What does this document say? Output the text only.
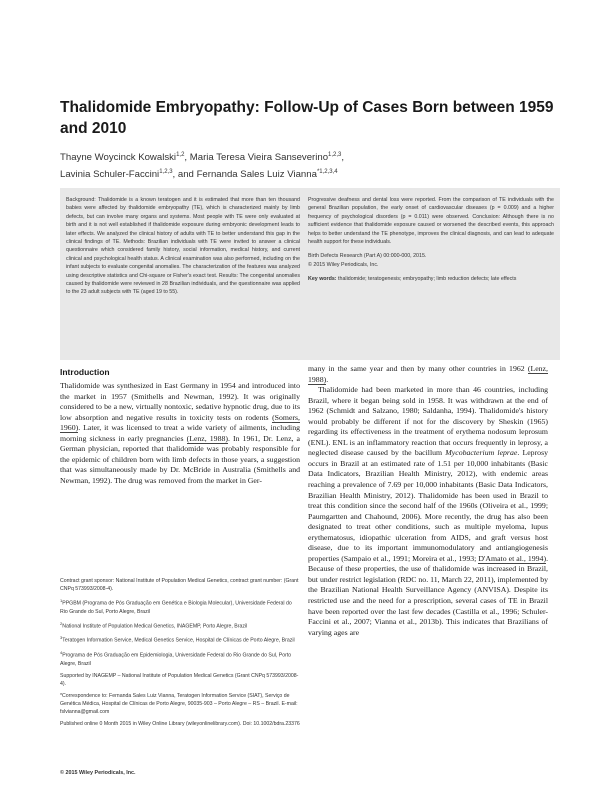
Thalidomide Embryopathy: Follow-Up of Cases Born between 1959 and 2010
Thayne Woycinck Kowalski$^{1,2}$, Maria Teresa Vieira Sanseverino$^{1,2,3}$,
Lavinia Schuler-Faccini$^{1,2,3}$, and Fernanda Sales Luiz Vianna$^{*1,2,3,4}$

Background: Thalidomide is a known teratogen and it is estimated that more than ten thousand babies were affected by thalidomide embryopathy (TE), which is characterized mainly by limb defects, but can involve many organs and systems. Most people with TE were only evaluated at birth and it is not well established if thalidomide exposure during embryonic development leads to later effects. We analyzed the clinical history of adults with TE to better understand this gap in the clinical findings of TE. Methods: Brazilian individuals with TE were invited to answer a clinical questionnaire which considered family history, social information, medical history, and current clinical and psychological health status. A clinical examination was also performed, including on the infant subjects to evaluate congenital anomalies. The characterization of the features was analyzed using descriptive statistics and Chi-square or Fisher's exact test. Results: The congenital anomalies caused by thalidomide were reviewed in 28 Brazilian individuals, and the questionnaire was applied to the 23 adult subjects with TE (aged 19 to 55).

Progressive deafness and dental loss were reported. From the comparison of TE individuals with the general Brazilian population, the early onset of cardiovascular diseases (p = 0.009) and a higher frequency of psychological disorders (p = 0.011) were observed. Conclusion: Although there is no sufficient evidence that thalidomide exposure caused or worsened the described events, this approach helps to better understand the TE phenotype, improves the clinical diagnosis, and can lead to adequate health support for these individuals.

Birth Defects Research (Part A) 00:000-000, 2015.

© 2015 Wiley Periodicals, Inc.

Key words: thalidomide; teratogenesis; embryopathy; limb reduction defects; late effects

Introduction

Thalidomide was synthesized in East Germany in 1954 and introduced into the market in 1957 (Smithells and Newman, 1992). It was originally considered to be a new, virtually nontoxic, sedative hypnotic drug, due to its low absorption and negative results in toxicity tests on rodents (Somers, 1960). Later, it was licensed to treat a wide variety of ailments, including morning sickness in early pregnancies (Lenz, 1988). In 1961, Dr. Lenz, a German physician, reported that thalidomide was probably responsible for the epidemic of children born with limb defects in those years, a suggestion that was simultaneously made by Dr. McBride in Australia (Smithells and Newman, 1992). The drug was removed from the market in Ger-

many in the same year and then by many other countries in 1962 (Lenz, 1988).

Thalidomide had been marketed in more than 46 countries, including Brazil, where it began being sold in 1958. It was withdrawn at the end of 1962 (Schmidt and Salzano, 1980; Saldanha, 1994). Thalidomide's history would probably be different if not for the discovery by Sheskin (1965) regarding its effectiveness in the treatment of erythema nodosum leprosum (ENL). ENL is an inflammatory reaction that occurs frequently in leprosy, a neglected disease caused by the bacillum Mycobacterium leprae. Leprosy occurs in Brazil at an estimated rate of 1.51 per 10,000 inhabitants (Basic Data Indicators, Brazilian Health Ministry, 2012), with endemic areas reaching a prevalence of 7.69 per 10,000 inhabitants (Basic Data Indicators, Brazilian Health Ministry, 2012). Thalidomide has been used in Brazil to treat this condition since the second half of the 1960s (Oliveira et al., 1999; Paumgartten and Chahound, 2006). More recently, the drug has also been designated to treat other conditions, such as multiple myeloma, lupus erythematosus, idiopathic ulceration from AIDS, and graft versus host disease, due to its important immunomodulatory and antiangiogenesis properties (Sampaio et al., 1991; Moreira et al., 1993; D'Amato et al., 1994). Because of these properties, the use of thalidomide was increased in Brazil, but under restrict legislation (RDC no. 11, March 22, 2011), implemented by the Brazilian National Health Surveillance Agency (ANVISA). Despite its restricted use and the need for a prescription, several cases of TE in Brazil have been reported over the last few decades (Castilla et al., 1996; Schuler-Faccini et al., 2007; Vianna et al., 2013b). This indicates that Brazilians of varying ages are

Contract grant sponsor: National Institute of Population Medical Genetics, contract grant number: (Grant CNPq 573993/2008-4).

$^1$PPGBM (Programa de Pós Graduação em Genética e Biologia Molecular), Universidade Federal do Rio Grande do Sul, Porto Alegre, Brazil

$^2$National Institute of Population Medical Genetics, INAGEMP, Porto Alegre, Brazil

$^3$Teratogen Information Service, Medical Genetics Service, Hospital de Clínicas de Porto Alegre, Brazil

$^4$Programa de Pós Graduação em Epidemiologia, Universidade Federal do Rio Grande do Sul, Porto Alegre, Brazil

Supported by INAGEMP – National Institute of Population Medical Genetics (Grant CNPq 573993/2008-4).

*Correspondence to: Fernanda Sales Luiz Vianna, Teratogen Information Service (SIAT), Serviço de Genética Médica, Hospital de Clínicas de Porto Alegre, 90035-903 – Porto Alegre – RS – Brazil. E-mail: fslvianna@gmail.com

Published online 0 Month 2015 in Wiley Online Library (wileyonlinelibrary.com). Doi: 10.1002/bdra.23376

© 2015 Wiley Periodicals, Inc.
